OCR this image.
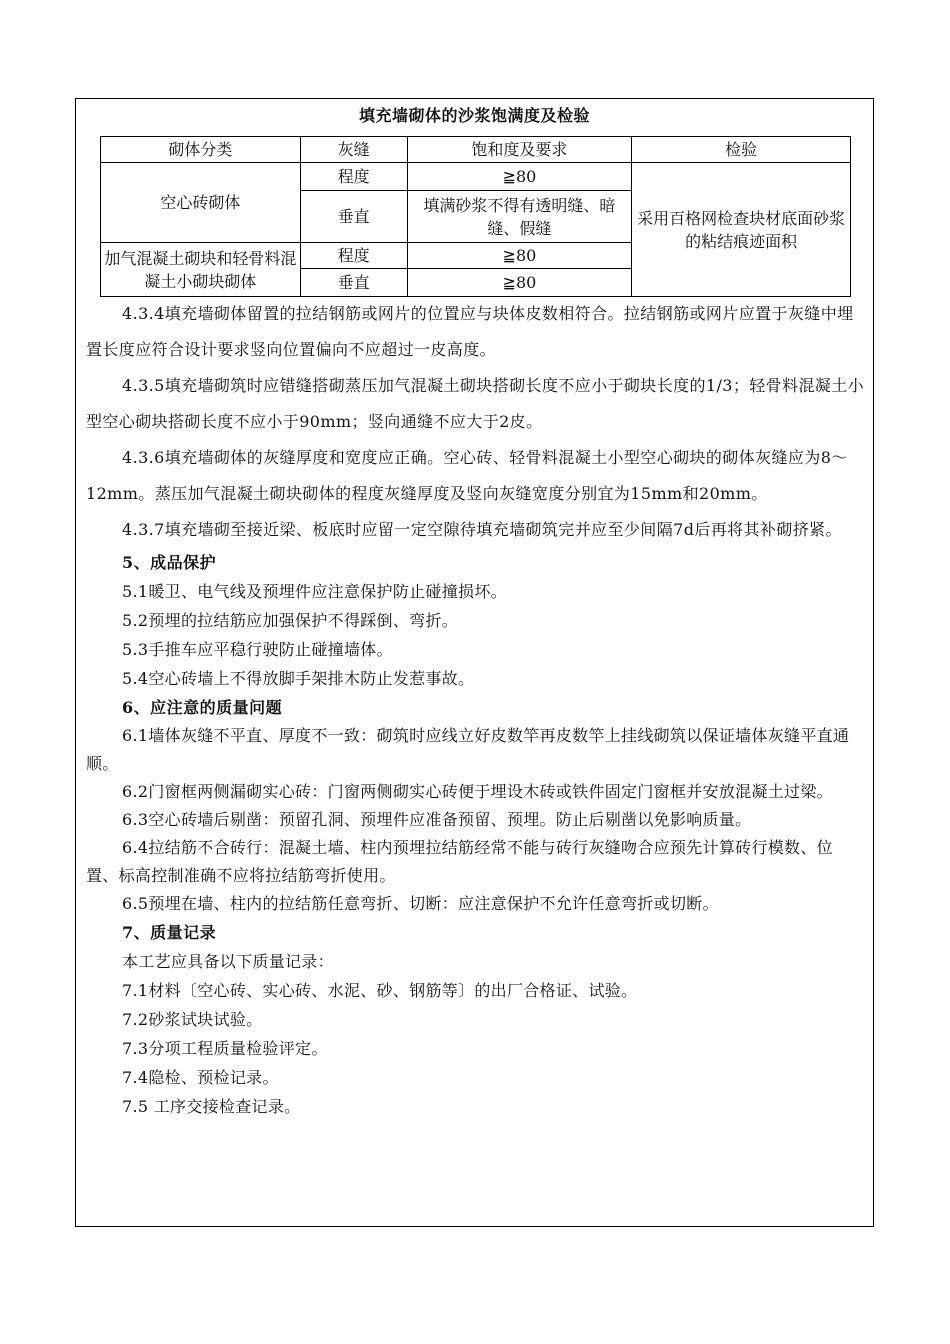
填充墙砌体的沙浆饱满度及检验
砌体分类	灰缝	饱和度及要求	检验
空心砖砌体	程度	≧80	采用百格网检查块材底面砂浆的粘结痕迹面积
	垂直	填满砂浆不得有透明缝、暗缝、假缝	
加气混凝土砌块和轻骨料混凝土小砌块砌体	程度	≧80	
	垂直	≧80	

4.3.4填充墙砌体留置的拉结钢筋或网片的位置应与块体皮数相符合。拉结钢筋或网片应置于灰缝中埋置长度应符合设计要求竖向位置偏向不应超过一皮高度。

4.3.5填充墙砌筑时应错缝搭砌蒸压加气混凝土砌块搭砌长度不应小于砌块长度的1/3；轻骨料混凝土小型空心砌块搭砌长度不应小于90mm；竖向通缝不应大于2皮。

4.3.6填充墙砌体的灰缝厚度和宽度应正确。空心砖、轻骨料混凝土小型空心砌块的砌体灰缝应为8～12mm。蒸压加气混凝土砌块砌体的程度灰缝厚度及竖向灰缝宽度分别宜为15mm和20mm。

4.3.7填充墙砌至接近梁、板底时应留一定空隙待填充墙砌筑完并应至少间隔7d后再将其补砌挤紧。

5、成品保护

5.1暖卫、电气线及预埋件应注意保护防止碰撞损坏。

5.2预埋的拉结筋应加强保护不得踩倒、弯折。

5.3手推车应平稳行驶防止碰撞墙体。

5.4空心砖墙上不得放脚手架排木防止发惹事故。

6、应注意的质量问题

6.1墙体灰缝不平直、厚度不一致：砌筑时应线立好皮数竿再皮数竿上挂线砌筑以保证墙体灰缝平直通顺。

6.2门窗框两侧漏砌实心砖：门窗两侧砌实心砖便于埋设木砖或铁件固定门窗框并安放混凝土过梁。

6.3空心砖墙后剔凿：预留孔洞、预埋件应准备预留、预埋。防止后剔凿以免影响质量。

6.4拉结筋不合砖行：混凝土墙、柱内预埋拉结筋经常不能与砖行灰缝吻合应预先计算砖行模数、位置、标高控制准确不应将拉结筋弯折使用。

6.5预埋在墙、柱内的拉结筋任意弯折、切断：应注意保护不允许任意弯折或切断。

7、质量记录

本工艺应具备以下质量记录：

7.1材料〔空心砖、实心砖、水泥、砂、钢筋等〕的出厂合格证、试验。

7.2砂浆试块试验。

7.3分项工程质量检验评定。

7.4隐检、预检记录。

7.5 工序交接检查记录。
